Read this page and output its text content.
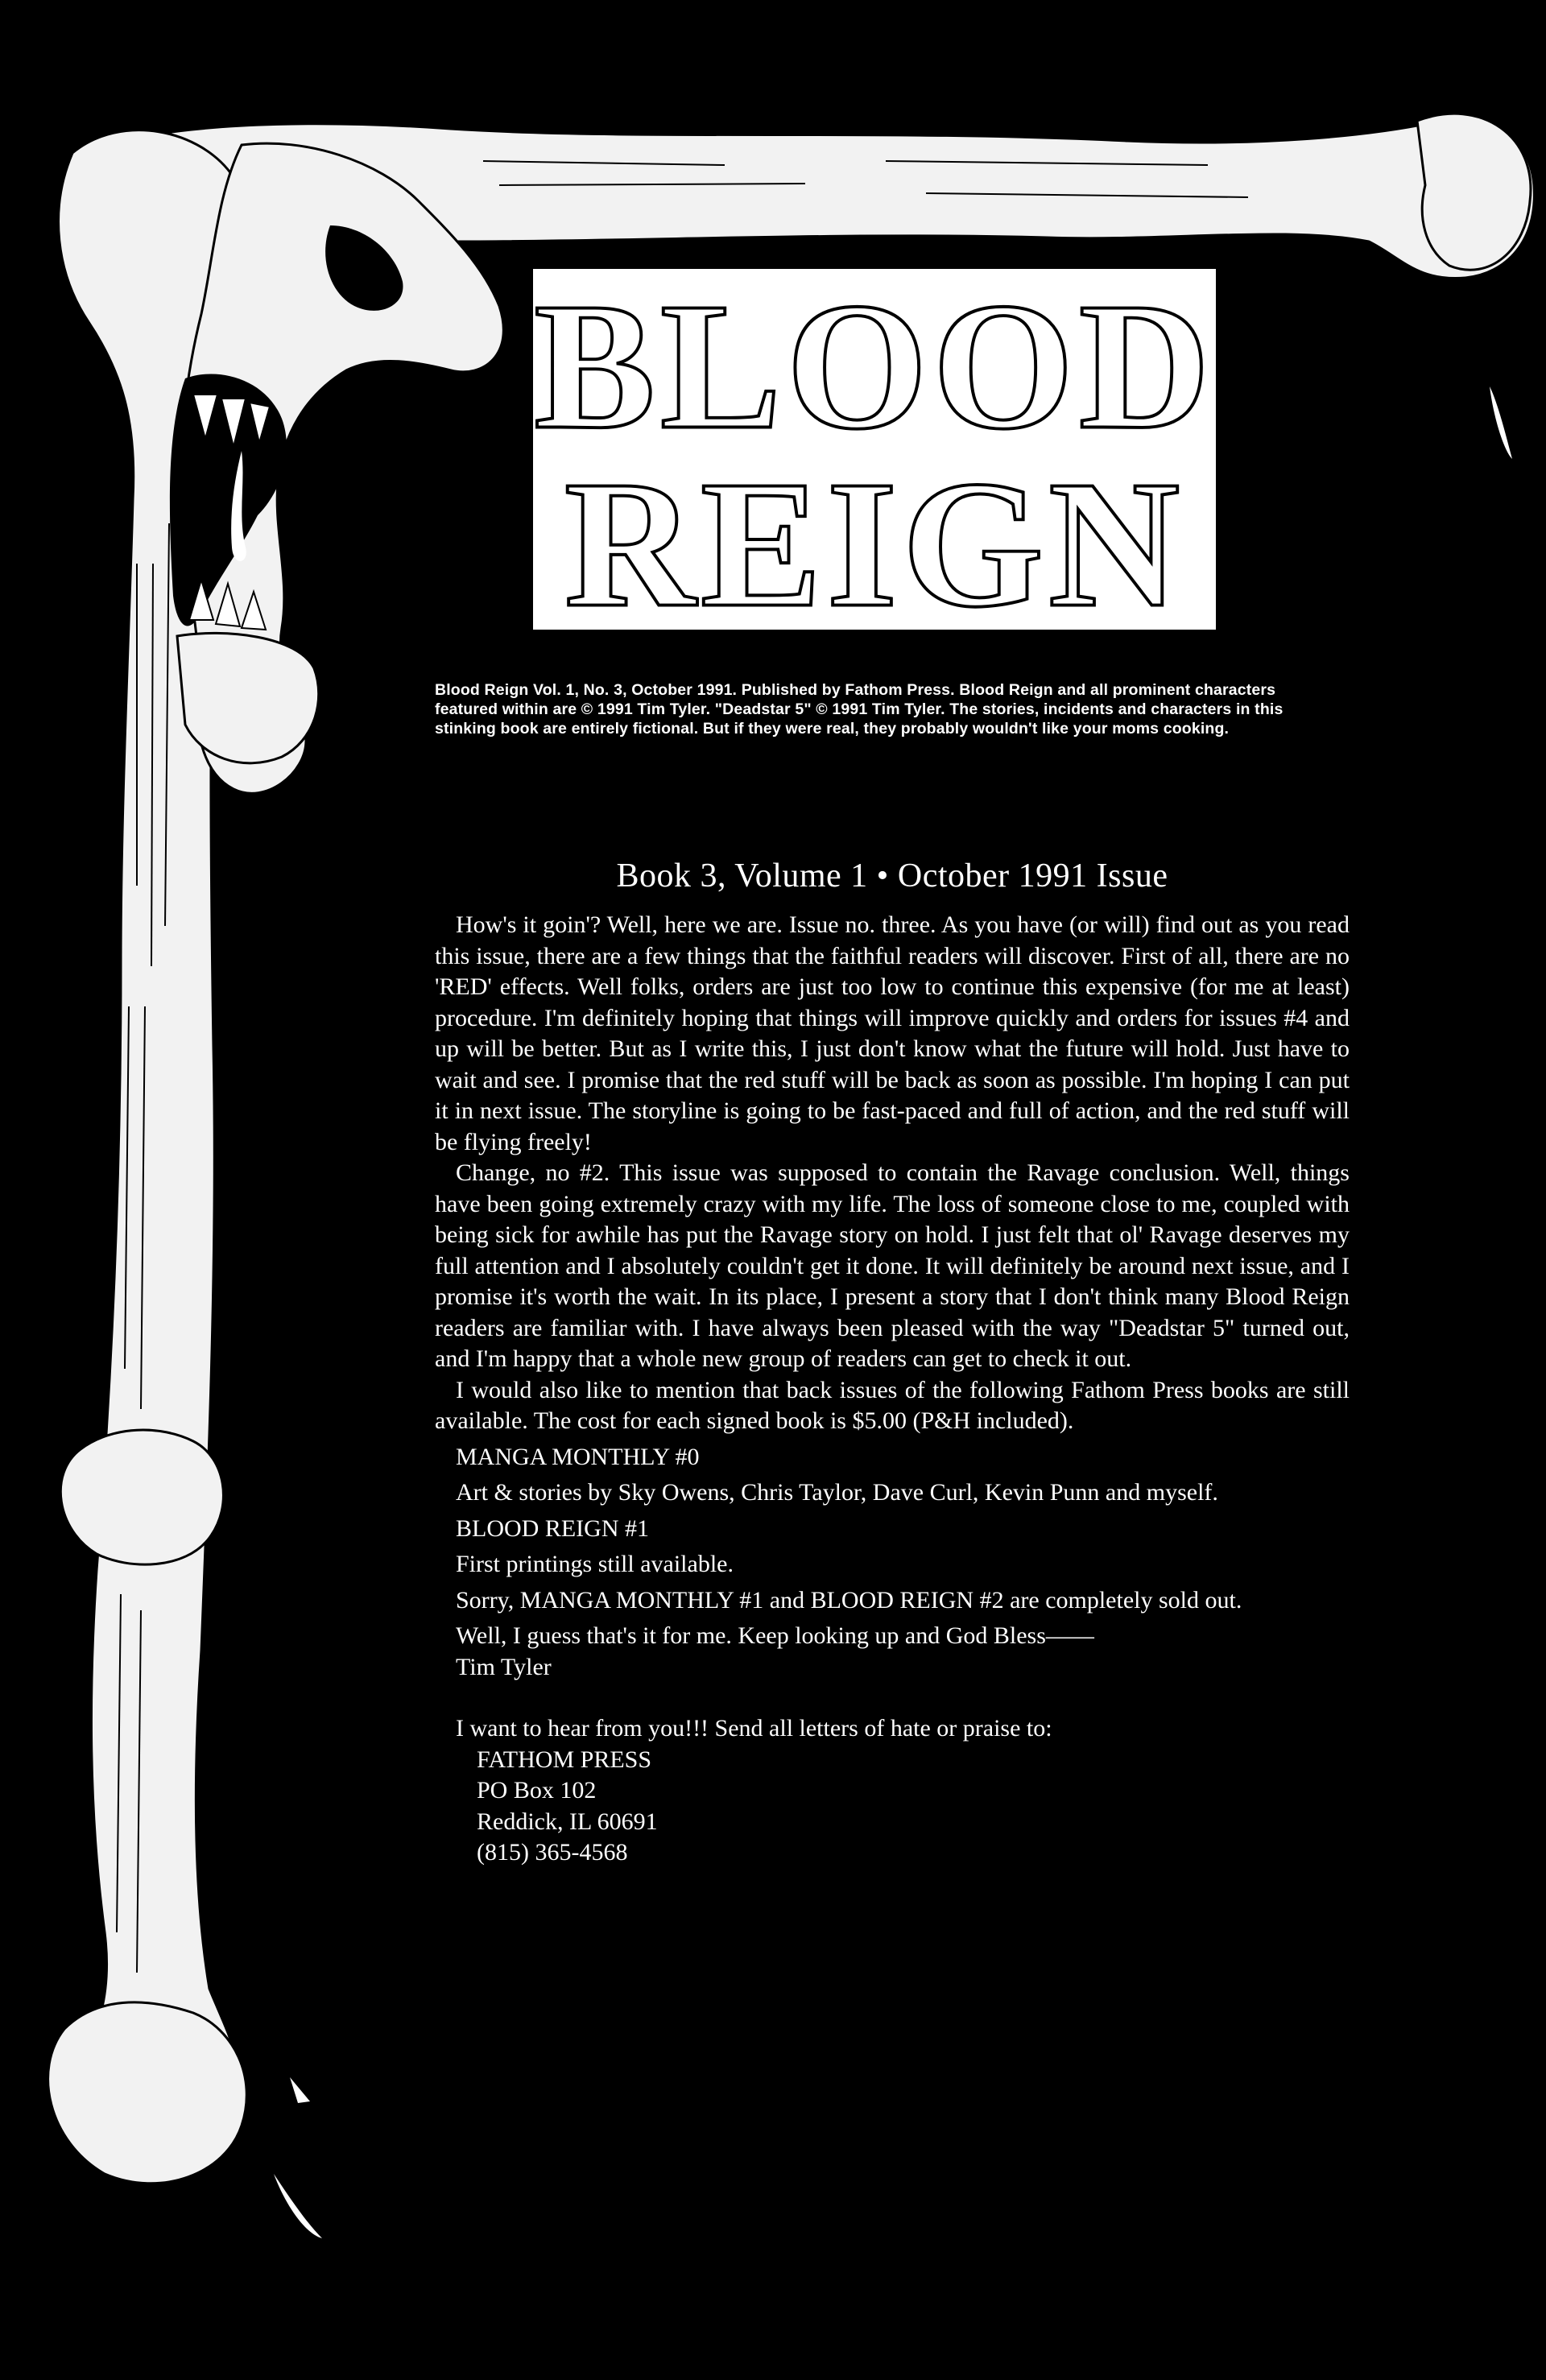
BLOOD
REIGN
Blood Reign Vol. 1, No. 3, October 1991. Published by Fathom Press. Blood Reign and all prominent characters featured within are © 1991 Tim Tyler. "Deadstar 5" © 1991 Tim Tyler. The stories, incidents and characters in this stinking book are entirely fictional. But if they were real, they probably wouldn't like your moms cooking.
Book 3, Volume 1 • October 1991 Issue

How's it goin'? Well, here we are. Issue no. three. As you have (or will) find out as you read this issue, there are a few things that the faithful readers will discover. First of all, there are no 'RED' effects. Well folks, orders are just too low to continue this expensive (for me at least) procedure. I'm definitely hoping that things will improve quickly and orders for issues #4 and up will be better. But as I write this, I just don't know what the future will hold. Just have to wait and see. I promise that the red stuff will be back as soon as possible. I'm hoping I can put it in next issue. The storyline is going to be fast-paced and full of action, and the red stuff will be flying freely!

Change, no #2. This issue was supposed to contain the Ravage conclusion. Well, things have been going extremely crazy with my life. The loss of someone close to me, coupled with being sick for awhile has put the Ravage story on hold. I just felt that ol' Ravage deserves my full attention and I absolutely couldn't get it done. It will definitely be around next issue, and I promise it's worth the wait. In its place, I present a story that I don't think many Blood Reign readers are familiar with. I have always been pleased with the way "Deadstar 5" turned out, and I'm happy that a whole new group of readers can get to check it out.

I would also like to mention that back issues of the following Fathom Press books are still available. The cost for each signed book is $5.00 (P&H included).

MANGA MONTHLY #0

Art & stories by Sky Owens, Chris Taylor, Dave Curl, Kevin Punn and myself.

BLOOD REIGN #1

First printings still available.

Sorry, MANGA MONTHLY #1 and BLOOD REIGN #2 are completely sold out.

Well, I guess that's it for me. Keep looking up and God Bless——

Tim Tyler

I want to hear from you!!! Send all letters of hate or praise to:

FATHOM PRESS
PO Box 102
Reddick, IL 60691
(815) 365-4568
